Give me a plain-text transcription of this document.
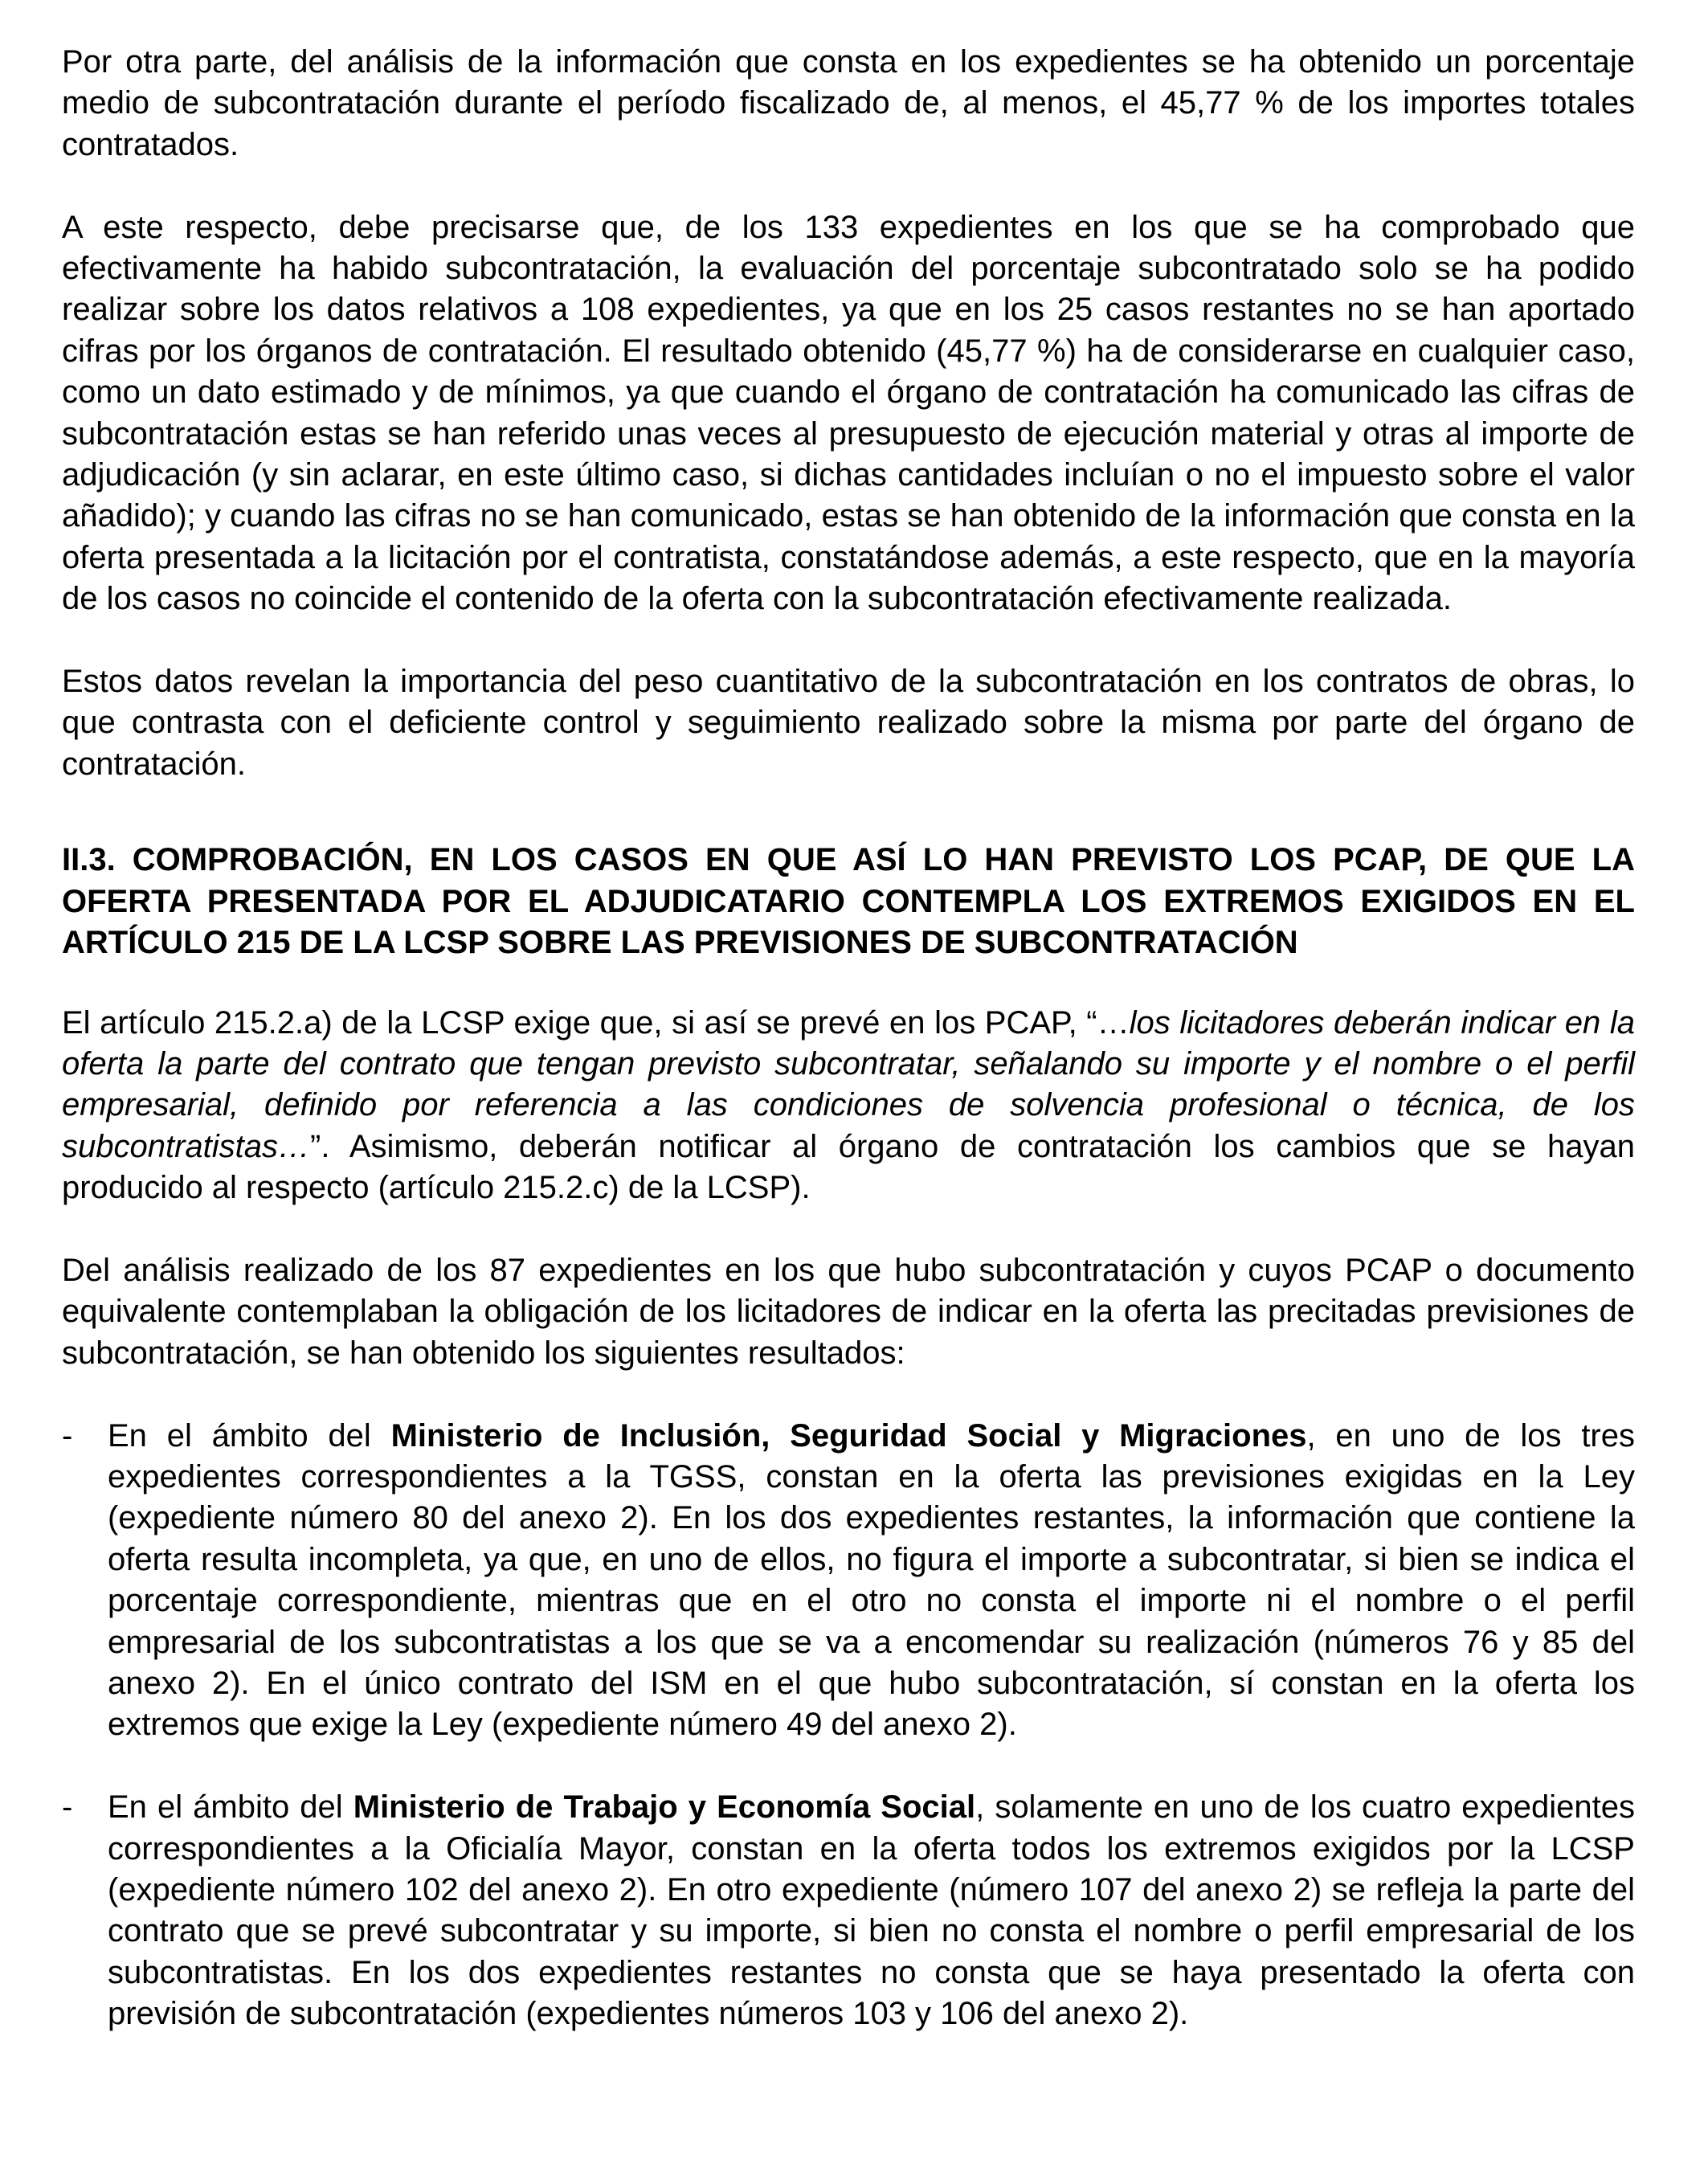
Por otra parte, del análisis de la información que consta en los expedientes se ha obtenido un porcentaje medio de subcontratación durante el período fiscalizado de, al menos, el 45,77 % de los importes totales contratados.

A este respecto, debe precisarse que, de los 133 expedientes en los que se ha comprobado que efectivamente ha habido subcontratación, la evaluación del porcentaje subcontratado solo se ha podido realizar sobre los datos relativos a 108 expedientes, ya que en los 25 casos restantes no se han aportado cifras por los órganos de contratación. El resultado obtenido (45,77 %) ha de considerarse en cualquier caso, como un dato estimado y de mínimos, ya que cuando el órgano de contratación ha comunicado las cifras de subcontratación estas se han referido unas veces al presupuesto de ejecución material y otras al importe de adjudicación (y sin aclarar, en este último caso, si dichas cantidades incluían o no el impuesto sobre el valor añadido); y cuando las cifras no se han comunicado, estas se han obtenido de la información que consta en la oferta presentada a la licitación por el contratista, constatándose además, a este respecto, que en la mayoría de los casos no coincide el contenido de la oferta con la subcontratación efectivamente realizada.

Estos datos revelan la importancia del peso cuantitativo de la subcontratación en los contratos de obras, lo que contrasta con el deficiente control y seguimiento realizado sobre la misma por parte del órgano de contratación.

II.3. COMPROBACIÓN, EN LOS CASOS EN QUE ASÍ LO HAN PREVISTO LOS PCAP, DE QUE LA OFERTA PRESENTADA POR EL ADJUDICATARIO CONTEMPLA LOS EXTREMOS EXIGIDOS EN EL ARTÍCULO 215 DE LA LCSP SOBRE LAS PREVISIONES DE SUBCONTRATACIÓN

El artículo 215.2.a) de la LCSP exige que, si así se prevé en los PCAP, “…los licitadores deberán indicar en la oferta la parte del contrato que tengan previsto subcontratar, señalando su importe y el nombre o el perfil empresarial, definido por referencia a las condiciones de solvencia profesional o técnica, de los subcontratistas…”. Asimismo, deberán notificar al órgano de contratación los cambios que se hayan producido al respecto (artículo 215.2.c) de la LCSP).

Del análisis realizado de los 87 expedientes en los que hubo subcontratación y cuyos PCAP o documento equivalente contemplaban la obligación de los licitadores de indicar en la oferta las precitadas previsiones de subcontratación, se han obtenido los siguientes resultados:

- En el ámbito del Ministerio de Inclusión, Seguridad Social y Migraciones, en uno de los tres expedientes correspondientes a la TGSS, constan en la oferta las previsiones exigidas en la Ley (expediente número 80 del anexo 2). En los dos expedientes restantes, la información que contiene la oferta resulta incompleta, ya que, en uno de ellos, no figura el importe a subcontratar, si bien se indica el porcentaje correspondiente, mientras que en el otro no consta el importe ni el nombre o el perfil empresarial de los subcontratistas a los que se va a encomendar su realización (números 76 y 85 del anexo 2). En el único contrato del ISM en el que hubo subcontratación, sí constan en la oferta los extremos que exige la Ley (expediente número 49 del anexo 2).
- En el ámbito del Ministerio de Trabajo y Economía Social, solamente en uno de los cuatro expedientes correspondientes a la Oficialía Mayor, constan en la oferta todos los extremos exigidos por la LCSP (expediente número 102 del anexo 2). En otro expediente (número 107 del anexo 2) se refleja la parte del contrato que se prevé subcontratar y su importe, si bien no consta el nombre o perfil empresarial de los subcontratistas. En los dos expedientes restantes no consta que se haya presentado la oferta con previsión de subcontratación (expedientes números 103 y 106 del anexo 2).
